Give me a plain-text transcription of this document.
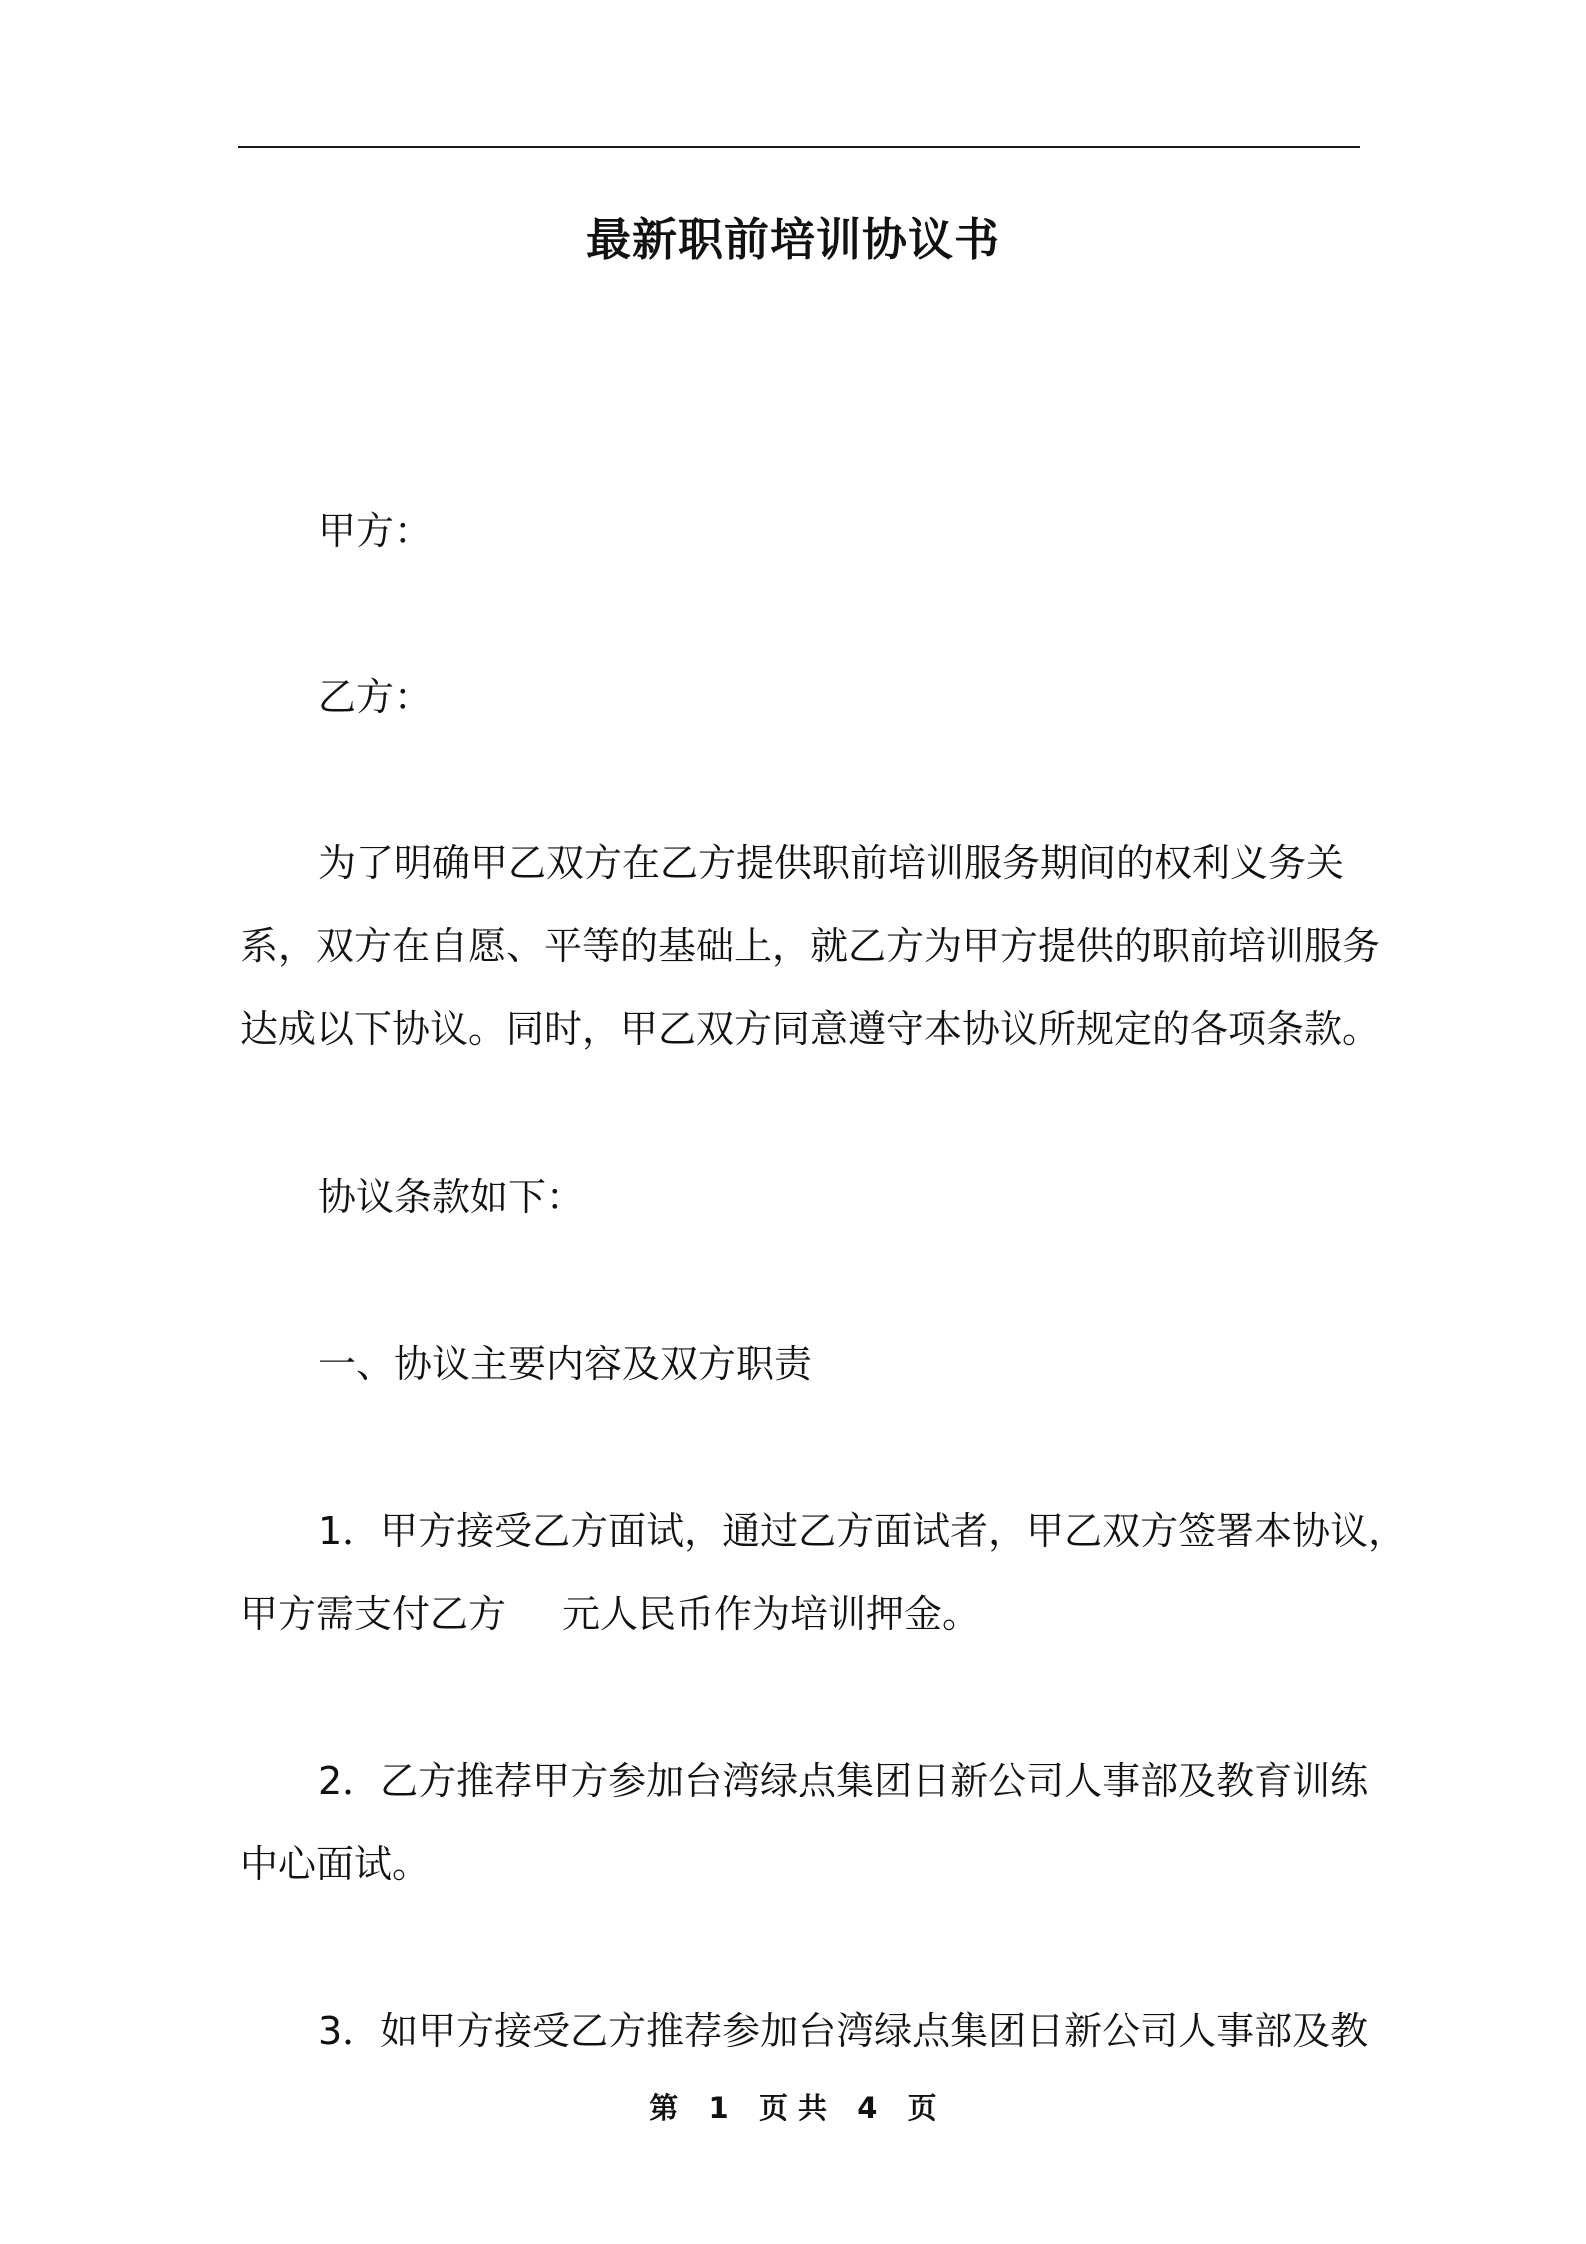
最新职前培训协议书

甲方：

乙方：

为了明确甲乙双方在乙方提供职前培训服务期间的权利义务关
系，双方在自愿、平等的基础上，就乙方为甲方提供的职前培训服务
达成以下协议。同时，甲乙双方同意遵守本协议所规定的各项条款。

协议条款如下：

一、协议主要内容及双方职责

1．甲方接受乙方面试，通过乙方面试者，甲乙双方签署本协议，
甲方需支付乙方 元人民币作为培训押金。
2．乙方推荐甲方参加台湾绿点集团日新公司人事部及教育训练
中心面试。
3．如甲方接受乙方推荐参加台湾绿点集团日新公司人事部及教

第 1 页 共 4 页
